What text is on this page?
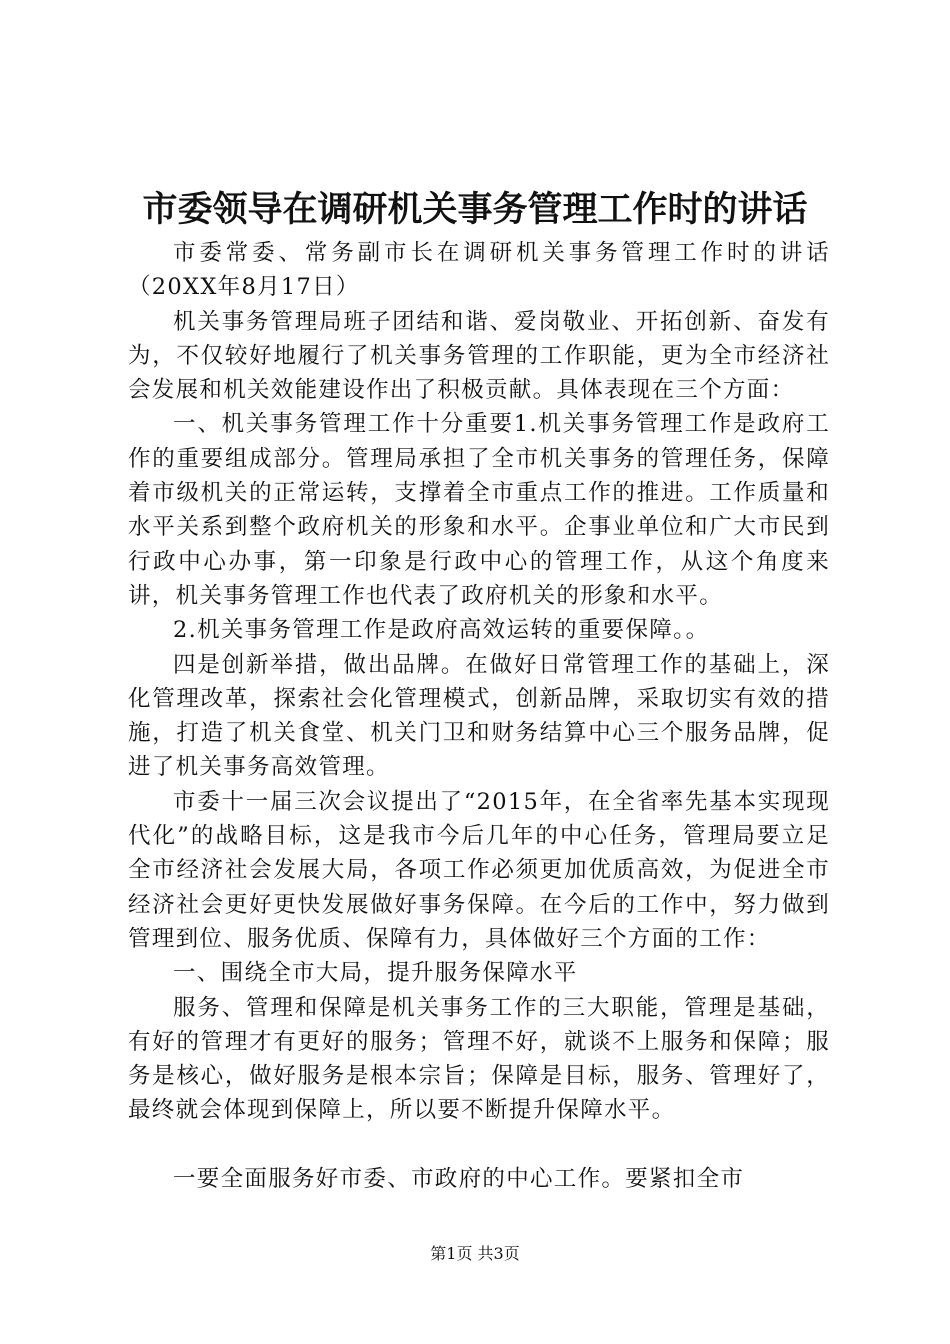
市委领导在调研机关事务管理工作时的讲话

市委常委、常务副市长在调研机关事务管理工作时的讲话（20XX年8月17日）

机关事务管理局班子团结和谐、爱岗敬业、开拓创新、奋发有为，不仅较好地履行了机关事务管理的工作职能，更为全市经济社会发展和机关效能建设作出了积极贡献。具体表现在三个方面：

一、机关事务管理工作十分重要1.机关事务管理工作是政府工作的重要组成部分。管理局承担了全市机关事务的管理任务，保障着市级机关的正常运转，支撑着全市重点工作的推进。工作质量和水平关系到整个政府机关的形象和水平。企事业单位和广大市民到行政中心办事，第一印象是行政中心的管理工作，从这个角度来讲，机关事务管理工作也代表了政府机关的形象和水平。

2.机关事务管理工作是政府高效运转的重要保障。。

四是创新举措，做出品牌。在做好日常管理工作的基础上，深化管理改革，探索社会化管理模式，创新品牌，采取切实有效的措施，打造了机关食堂、机关门卫和财务结算中心三个服务品牌，促进了机关事务高效管理。

市委十一届三次会议提出了“2015年，在全省率先基本实现现代化”的战略目标，这是我市今后几年的中心任务，管理局要立足全市经济社会发展大局，各项工作必须更加优质高效，为促进全市经济社会更好更快发展做好事务保障。在今后的工作中，努力做到管理到位、服务优质、保障有力，具体做好三个方面的工作：

一、围绕全市大局，提升服务保障水平

服务、管理和保障是机关事务工作的三大职能，管理是基础，有好的管理才有更好的服务；管理不好，就谈不上服务和保障；服务是核心，做好服务是根本宗旨；保障是目标，服务、管理好了，最终就会体现到保障上，所以要不断提升保障水平。

一要全面服务好市委、市政府的中心工作。要紧扣全市

第1页 共3页
